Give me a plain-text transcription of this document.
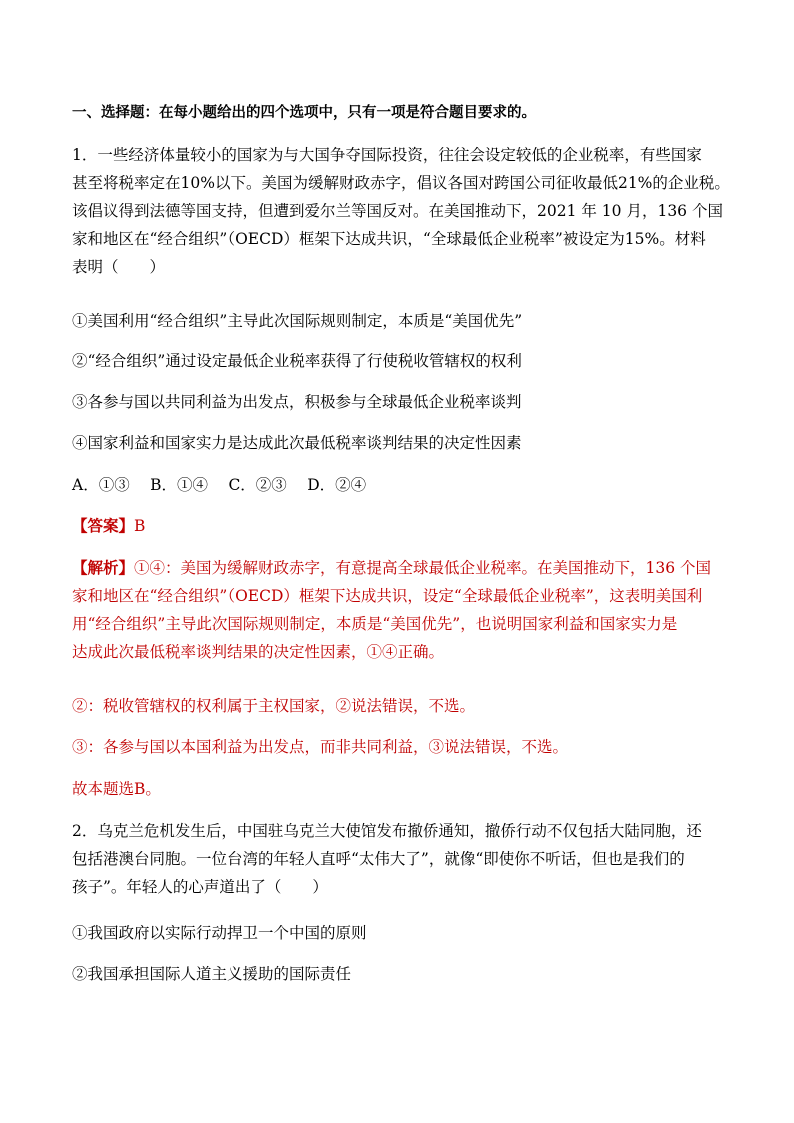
一、选择题：在每小题给出的四个选项中，只有一项是符合题目要求的。

1．一些经济体量较小的国家为与大国争夺国际投资，往往会设定较低的企业税率，有些国家
甚至将税率定在10%以下。美国为缓解财政赤字，倡议各国对跨国公司征收最低21%的企业税。
该倡议得到法德等国支持，但遭到爱尔兰等国反对。在美国推动下，2021 年 10 月，136 个国
家和地区在“经合组织”（OECD）框架下达成共识，“全球最低企业税率”被设定为15%。材料
表明（　　）

①美国利用“经合组织”主导此次国际规则制定，本质是“美国优先”

②“经合组织”通过设定最低企业税率获得了行使税收管辖权的权利

③各参与国以共同利益为出发点，积极参与全球最低企业税率谈判

④国家利益和国家实力是达成此次最低税率谈判结果的决定性因素

A．①③　 B．①④　 C．②③　 D．②④

【答案】B

【解析】①④：美国为缓解财政赤字，有意提高全球最低企业税率。在美国推动下，136 个国
家和地区在“经合组织”（OECD）框架下达成共识，设定“全球最低企业税率”，这表明美国利
用“经合组织”主导此次国际规则制定，本质是“美国优先”，也说明国家利益和国家实力是
达成此次最低税率谈判结果的决定性因素，①④正确。

②：税收管辖权的权利属于主权国家，②说法错误，不选。

③：各参与国以本国利益为出发点，而非共同利益，③说法错误，不选。

故本题选B。

2．乌克兰危机发生后，中国驻乌克兰大使馆发布撤侨通知，撤侨行动不仅包括大陆同胞，还
包括港澳台同胞。一位台湾的年轻人直呼“太伟大了”，就像“即使你不听话，但也是我们的
孩子”。年轻人的心声道出了（　　）

①我国政府以实际行动捍卫一个中国的原则

②我国承担国际人道主义援助的国际责任
